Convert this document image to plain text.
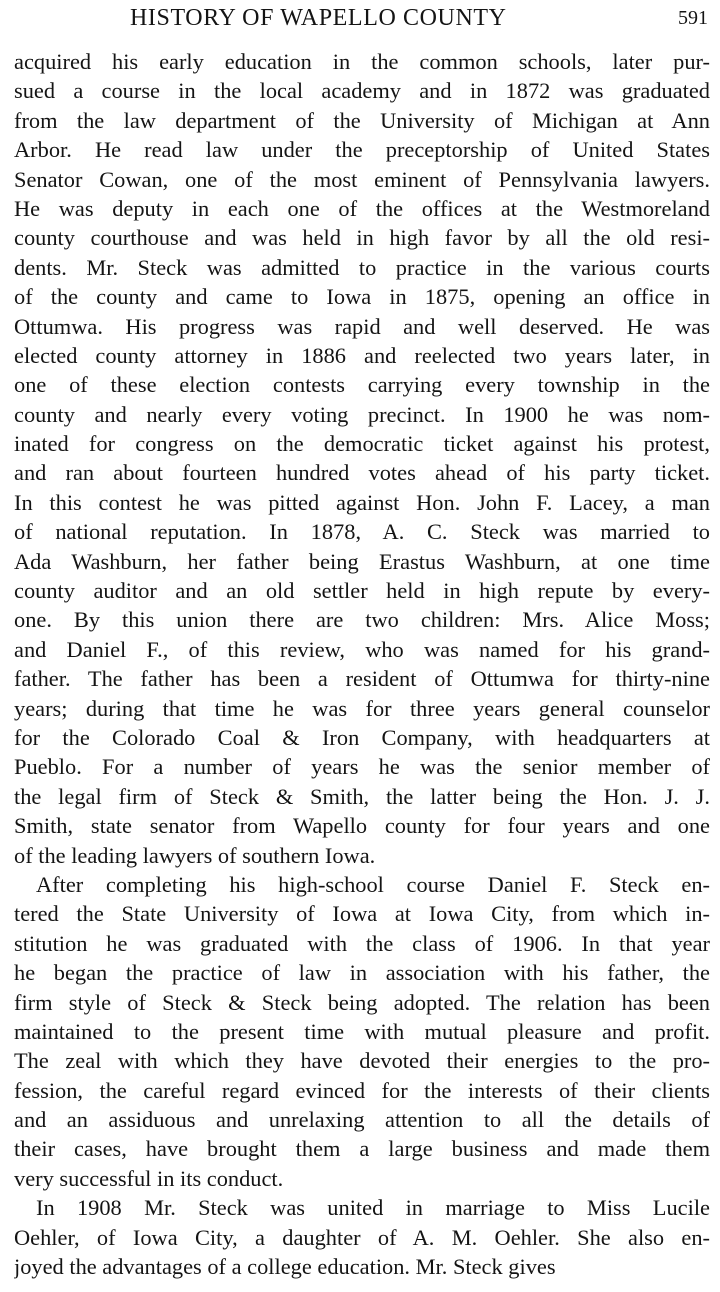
HISTORY OF WAPELLO COUNTY	591
acquired his early education in the common schools, later pur-
sued a course in the local academy and in 1872 was graduated
from the law department of the University of Michigan at Ann
Arbor. He read law under the preceptorship of United States
Senator Cowan, one of the most eminent of Pennsylvania lawyers.
He was deputy in each one of the offices at the Westmoreland
county courthouse and was held in high favor by all the old resi-
dents. Mr. Steck was admitted to practice in the various courts
of the county and came to Iowa in 1875, opening an office in
Ottumwa. His progress was rapid and well deserved. He was
elected county attorney in 1886 and reelected two years later, in
one of these election contests carrying every township in the
county and nearly every voting precinct. In 1900 he was nom-
inated for congress on the democratic ticket against his protest,
and ran about fourteen hundred votes ahead of his party ticket.
In this contest he was pitted against Hon. John F. Lacey, a man
of national reputation. In 1878, A. C. Steck was married to
Ada Washburn, her father being Erastus Washburn, at one time
county auditor and an old settler held in high repute by every-
one. By this union there are two children: Mrs. Alice Moss;
and Daniel F., of this review, who was named for his grand-
father. The father has been a resident of Ottumwa for thirty-nine
years; during that time he was for three years general counselor
for the Colorado Coal & Iron Company, with headquarters at
Pueblo. For a number of years he was the senior member of
the legal firm of Steck & Smith, the latter being the Hon. J. J.
Smith, state senator from Wapello county for four years and one
of the leading lawyers of southern Iowa.
After completing his high-school course Daniel F. Steck en-
tered the State University of Iowa at Iowa City, from which in-
stitution he was graduated with the class of 1906. In that year
he began the practice of law in association with his father, the
firm style of Steck & Steck being adopted. The relation has been
maintained to the present time with mutual pleasure and profit.
The zeal with which they have devoted their energies to the pro-
fession, the careful regard evinced for the interests of their clients
and an assiduous and unrelaxing attention to all the details of
their cases, have brought them a large business and made them
very successful in its conduct.
In 1908 Mr. Steck was united in marriage to Miss Lucile
Oehler, of Iowa City, a daughter of A. M. Oehler. She also en-
joyed the advantages of a college education. Mr. Steck gives
